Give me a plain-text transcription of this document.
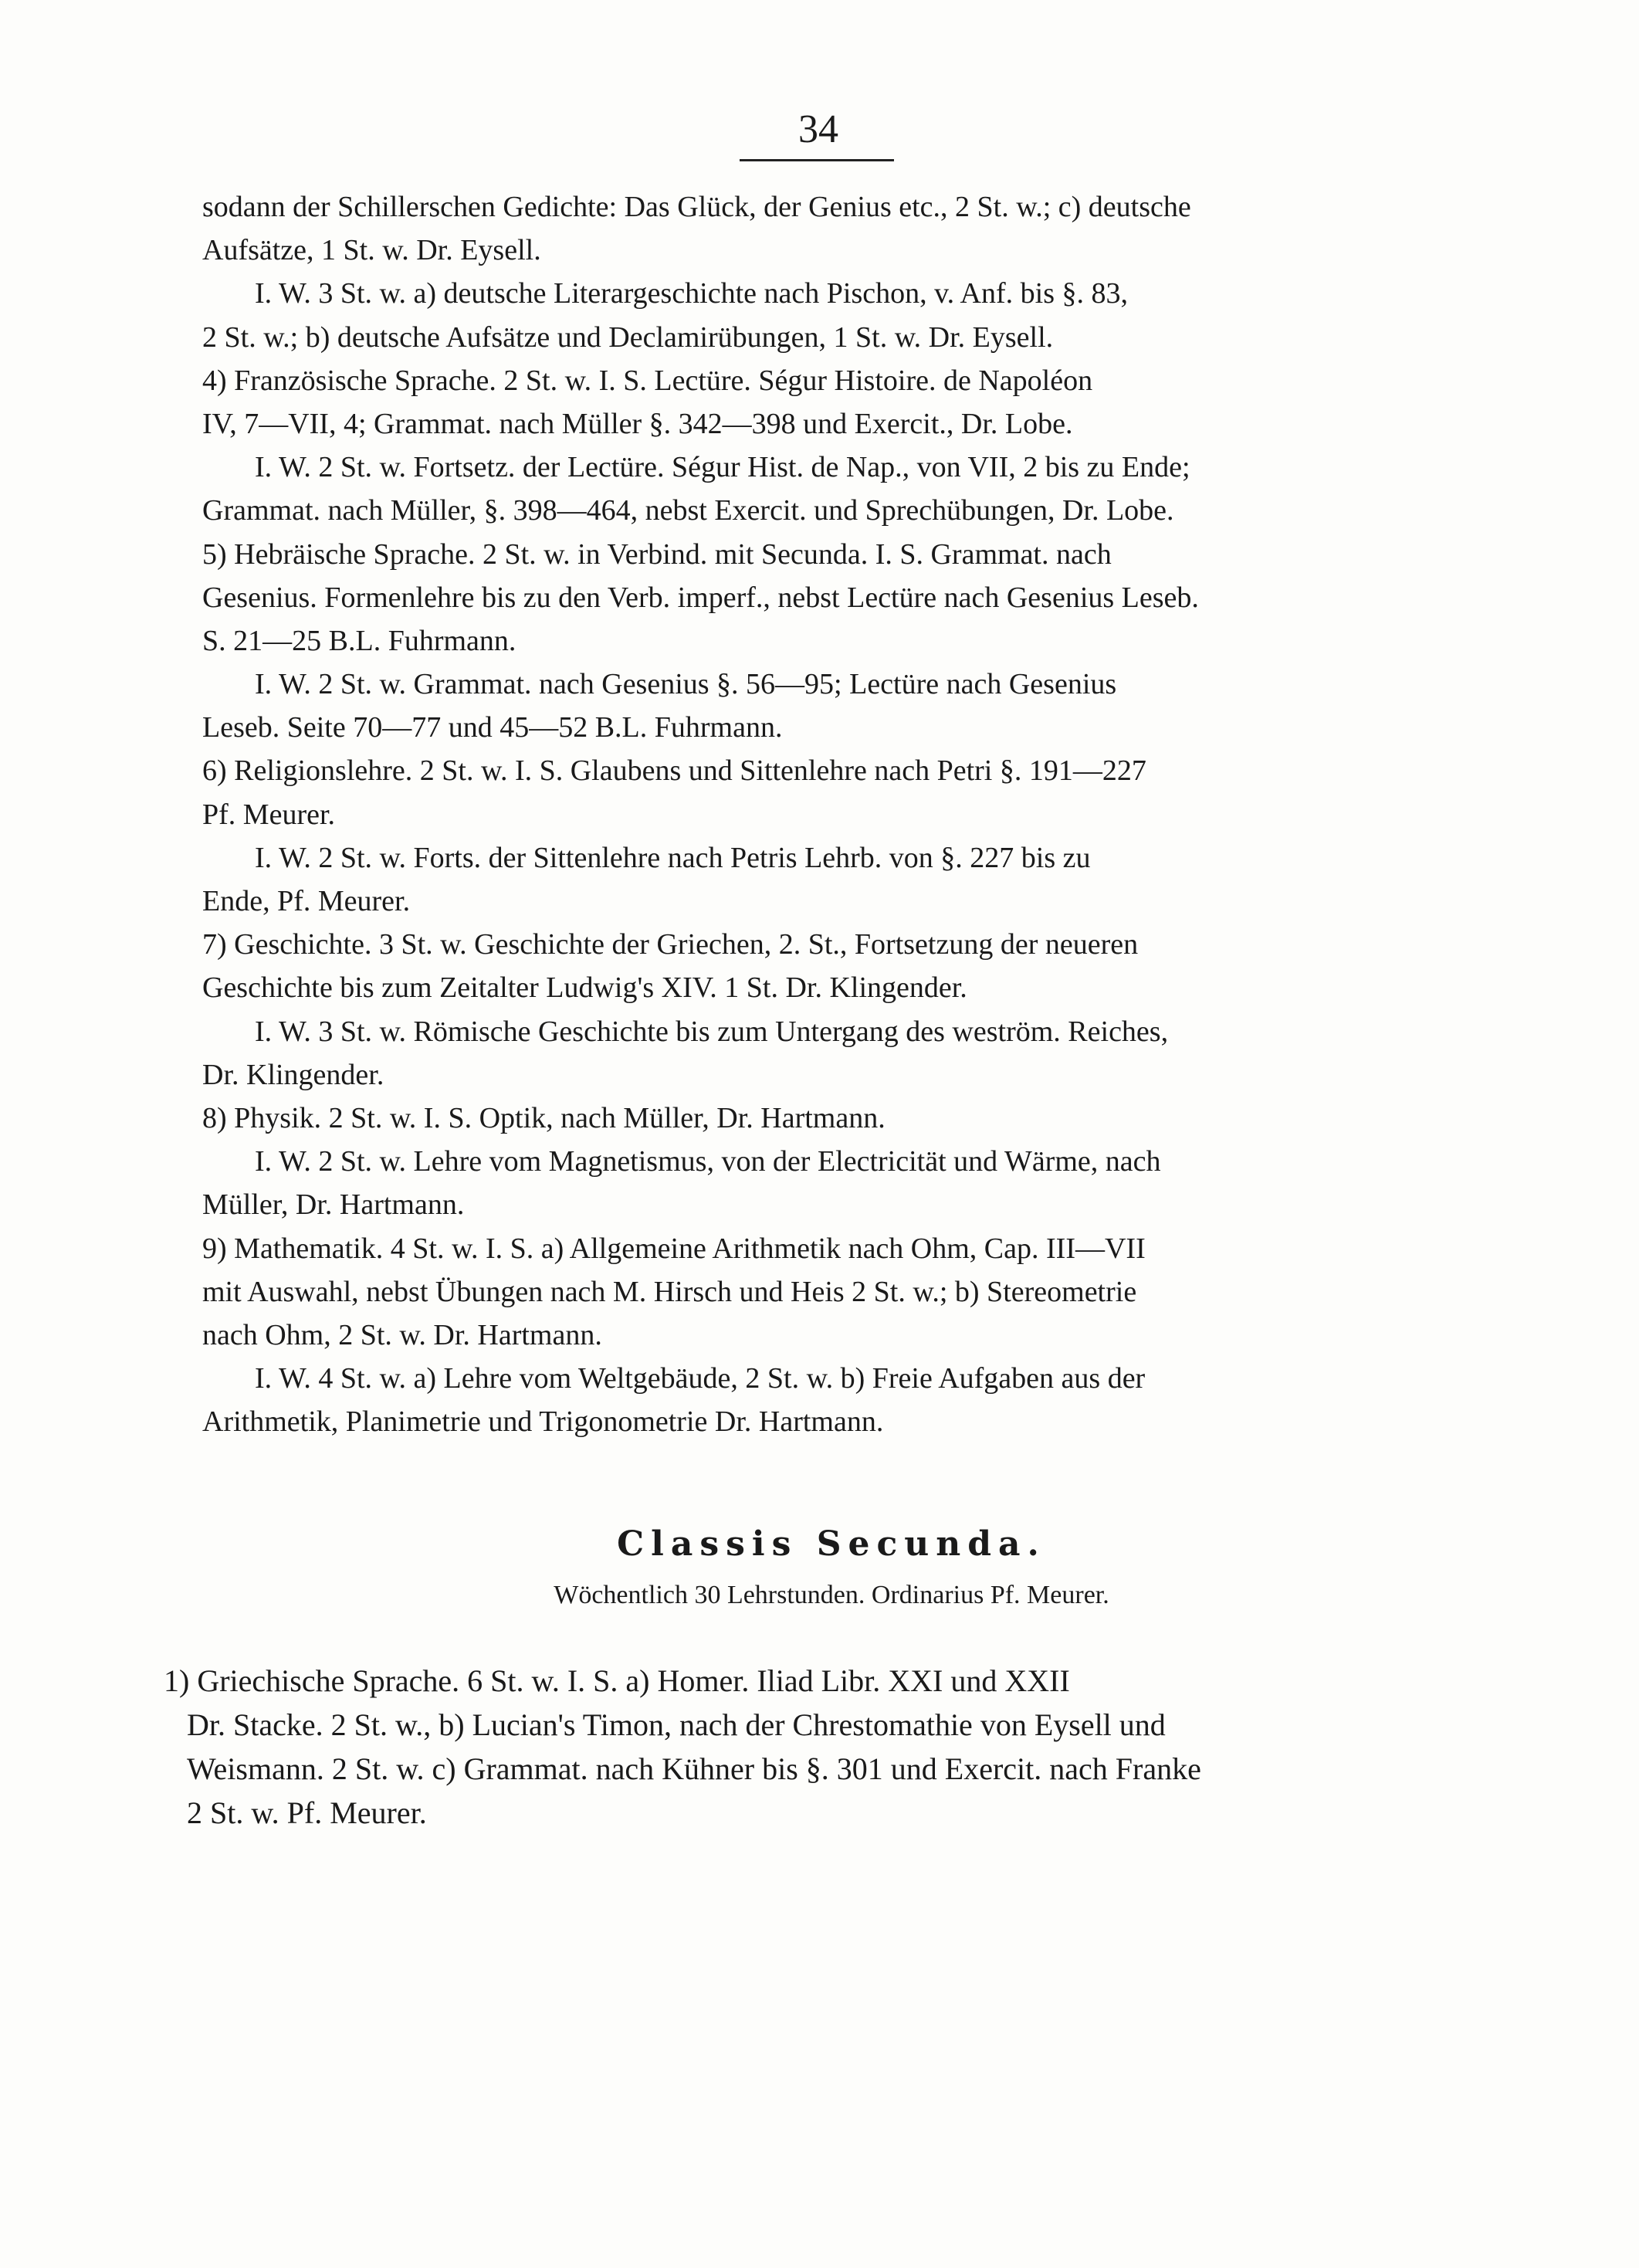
34
sodann der Schillerschen Gedichte: Das Glück, der Genius etc., 2 St. w.; c) deutsche
Aufsätze, 1 St. w. Dr. Eysell.
I. W. 3 St. w. a) deutsche Literargeschichte nach Pischon, v. Anf. bis §. 83,
2 St. w.; b) deutsche Aufsätze und Declamirübungen, 1 St. w. Dr. Eysell.
4) Französische Sprache. 2 St. w. I. S. Lectüre. Ségur Histoire. de Napoléon
IV, 7—VII, 4; Grammat. nach Müller §. 342—398 und Exercit., Dr. Lobe.
I. W. 2 St. w. Fortsetz. der Lectüre. Ségur Hist. de Nap., von VII, 2 bis zu Ende;
Grammat. nach Müller, §. 398—464, nebst Exercit. und Sprechübungen, Dr. Lobe.
5) Hebräische Sprache. 2 St. w. in Verbind. mit Secunda. I. S. Grammat. nach
Gesenius. Formenlehre bis zu den Verb. imperf., nebst Lectüre nach Gesenius Leseb.
S. 21—25 B.L. Fuhrmann.
I. W. 2 St. w. Grammat. nach Gesenius §. 56—95; Lectüre nach Gesenius
Leseb. Seite 70—77 und 45—52 B.L. Fuhrmann.
6) Religionslehre. 2 St. w. I. S. Glaubens und Sittenlehre nach Petri §. 191—227
Pf. Meurer.
I. W. 2 St. w. Forts. der Sittenlehre nach Petris Lehrb. von §. 227 bis zu
Ende, Pf. Meurer.
7) Geschichte. 3 St. w. Geschichte der Griechen, 2. St., Fortsetzung der neueren
Geschichte bis zum Zeitalter Ludwig's XIV. 1 St. Dr. Klingender.
I. W. 3 St. w. Römische Geschichte bis zum Untergang des weström. Reiches,
Dr. Klingender.
8) Physik. 2 St. w. I. S. Optik, nach Müller, Dr. Hartmann.
I. W. 2 St. w. Lehre vom Magnetismus, von der Electricität und Wärme, nach
Müller, Dr. Hartmann.
9) Mathematik. 4 St. w. I. S. a) Allgemeine Arithmetik nach Ohm, Cap. III—VII
mit Auswahl, nebst Übungen nach M. Hirsch und Heis 2 St. w.; b) Stereometrie
nach Ohm, 2 St. w. Dr. Hartmann.
I. W. 4 St. w. a) Lehre vom Weltgebäude, 2 St. w. b) Freie Aufgaben aus der
Arithmetik, Planimetrie und Trigonometrie Dr. Hartmann.
Classis Secunda.
Wöchentlich 30 Lehrstunden. Ordinarius Pf. Meurer.
1) Griechische Sprache. 6 St. w. I. S. a) Homer. Iliad Libr. XXI und XXII
Dr. Stacke. 2 St. w., b) Lucian's Timon, nach der Chrestomathie von Eysell und
Weismann. 2 St. w. c) Grammat. nach Kühner bis §. 301 und Exercit. nach Franke
2 St. w. Pf. Meurer.
